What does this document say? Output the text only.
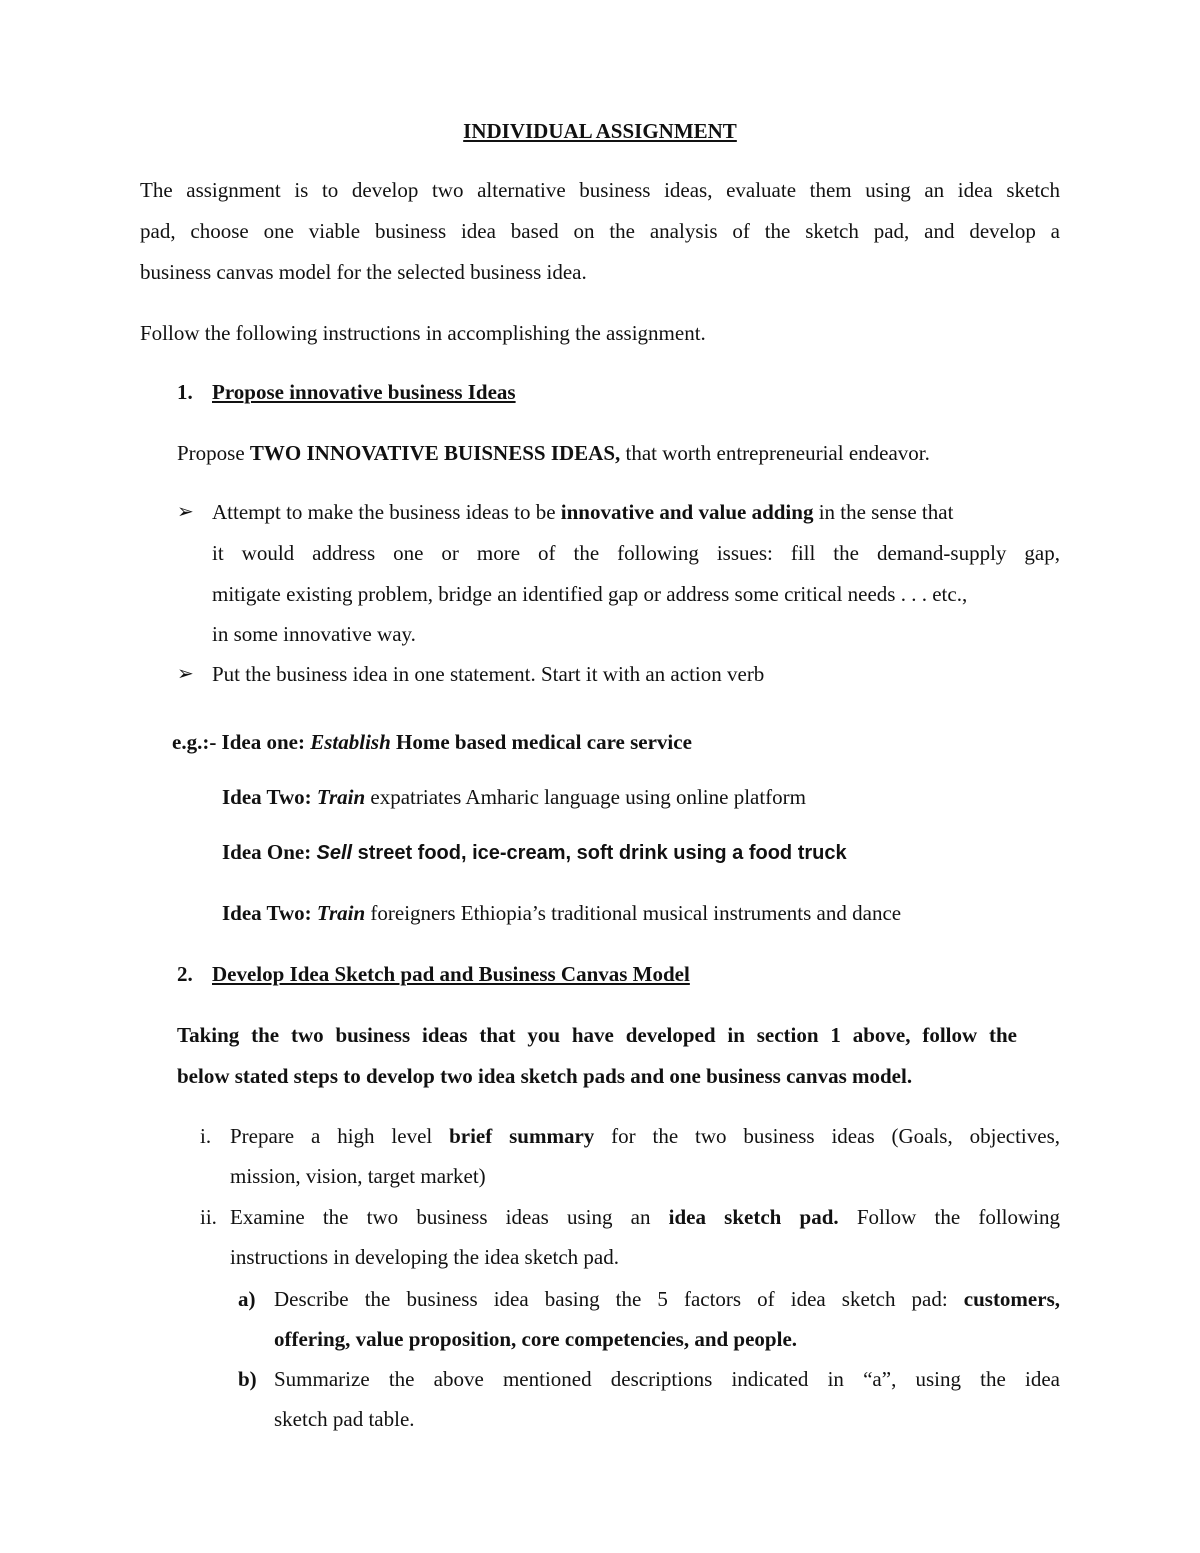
INDIVIDUAL ASSIGNMENT
The assignment is to develop two alternative business ideas, evaluate them using an idea sketch
pad, choose one viable business idea based on the analysis of the sketch pad, and develop a
business canvas model for the selected business idea.
Follow the following instructions in accomplishing the assignment.
1. Propose innovative business Ideas
Propose TWO INNOVATIVE BUISNESS IDEAS, that worth entrepreneurial endeavor.
➢ Attempt to make the business ideas to be innovative and value adding in the sense that
it would address one or more of the following issues: fill the demand-supply gap,
mitigate existing problem, bridge an identified gap or address some critical needs . . . etc.,
in some innovative way.
➢ Put the business idea in one statement. Start it with an action verb
e.g.:- Idea one: Establish Home based medical care service
Idea Two: Train expatriates Amharic language using online platform
Idea One: Sell street food, ice-cream, soft drink using a food truck
Idea Two: Train foreigners Ethiopia’s traditional musical instruments and dance
2. Develop Idea Sketch pad and Business Canvas Model
Taking the two business ideas that you have developed in section 1 above, follow the
below stated steps to develop two idea sketch pads and one business canvas model.
i. Prepare a high level brief summary for the two business ideas (Goals, objectives,
mission, vision, target market)
ii. Examine the two business ideas using an idea sketch pad. Follow the following
instructions in developing the idea sketch pad.
a) Describe the business idea basing the 5 factors of idea sketch pad: customers,
offering, value proposition, core competencies, and people.
b) Summarize the above mentioned descriptions indicated in “a”, using the idea
sketch pad table.
